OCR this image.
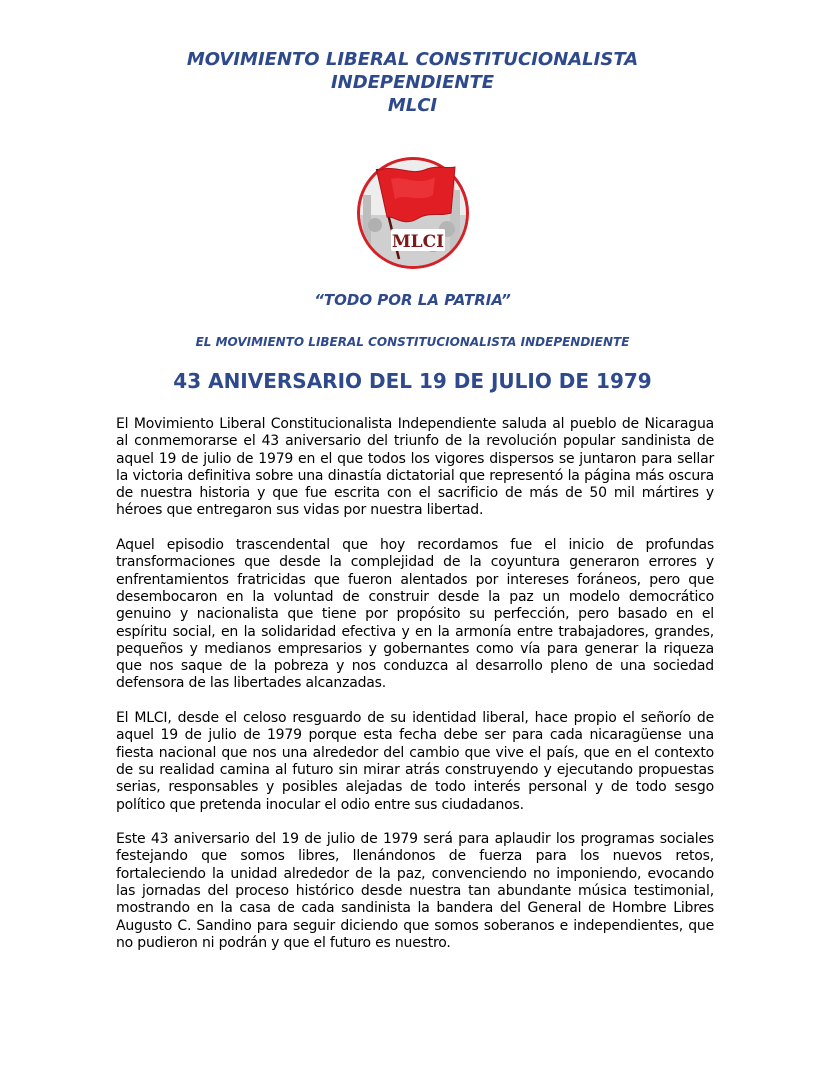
MOVIMIENTO LIBERAL CONSTITUCIONALISTA
INDEPENDIENTE
MLCI
MLCI
“TODO POR LA PATRIA”
EL MOVIMIENTO LIBERAL CONSTITUCIONALISTA INDEPENDIENTE
43 ANIVERSARIO DEL 19 DE JULIO DE 1979

El Movimiento Liberal Constitucionalista Independiente saluda al pueblo de Nicaragua al conmemorarse el 43 aniversario del triunfo de la revolución popular sandinista de aquel 19 de julio de 1979 en el que todos los vigores dispersos se juntaron para sellar la victoria definitiva sobre una dinastía dictatorial que representó la página más oscura de nuestra historia y que fue escrita con el sacrificio de más de 50 mil mártires y héroes que entregaron sus vidas por nuestra libertad.

Aquel episodio trascendental que hoy recordamos fue el inicio de profundas transformaciones que desde la complejidad de la coyuntura generaron errores y enfrentamientos fratricidas que fueron alentados por intereses foráneos, pero que desembocaron en la voluntad de construir desde la paz un modelo democrático genuino y nacionalista que tiene por propósito su perfección, pero basado en el espíritu social, en la solidaridad efectiva y en la armonía entre trabajadores, grandes, pequeños y medianos empresarios y gobernantes como vía para generar la riqueza que nos saque de la pobreza y nos conduzca al desarrollo pleno de una sociedad defensora de las libertades alcanzadas.

El MLCI, desde el celoso resguardo de su identidad liberal, hace propio el señorío de aquel 19 de julio de 1979 porque esta fecha debe ser para cada nicaragüense una fiesta nacional que nos una alrededor del cambio que vive el país, que en el contexto de su realidad camina al futuro sin mirar atrás construyendo y ejecutando propuestas serias, responsables y posibles alejadas de todo interés personal y de todo sesgo político que pretenda inocular el odio entre sus ciudadanos.

Este 43 aniversario del 19 de julio de 1979 será para aplaudir los programas sociales festejando que somos libres, llenándonos de fuerza para los nuevos retos, fortaleciendo la unidad alrededor de la paz, convenciendo no imponiendo, evocando las jornadas del proceso histórico desde nuestra tan abundante música testimonial, mostrando en la casa de cada sandinista la bandera del General de Hombre Libres Augusto C. Sandino para seguir diciendo que somos soberanos e independientes, que no pudieron ni podrán y que el futuro es nuestro.
